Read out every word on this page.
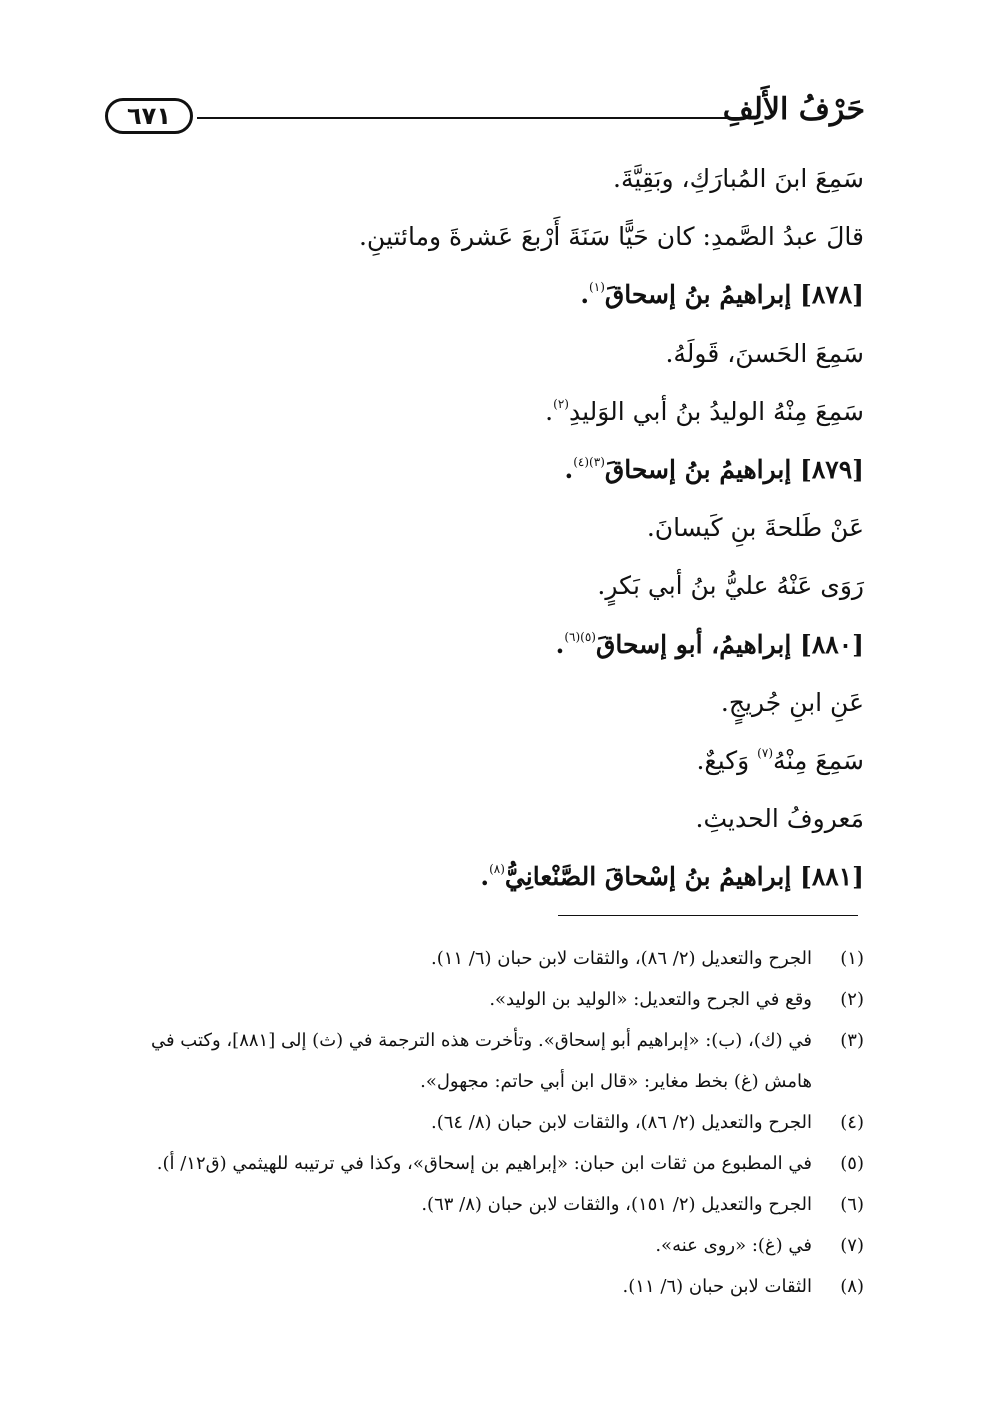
٦٧١	حَرْفُ الأَلِفِ
سَمِعَ ابنَ المُبارَكِ، وبَقِيَّةَ.
قالَ عبدُ الصَّمدِ: كان حَيًّا سَنَةَ أَرْبعَ عَشرةَ ومائتينِ.
[٨٧٨] إبراهيمُ بنُ إسحاقَ$^{(١)}$.
سَمِعَ الحَسنَ، قَولَهُ.
سَمِعَ مِنْهُ الوليدُ بنُ أبي الوَليدِ$^{(٢)}$.
[٨٧٩] إبراهيمُ بنُ إسحاقَ$^{(٣)(٤)}$.
عَنْ طَلحةَ بنِ كَيسانَ.
رَوَى عَنْهُ عليُّ بنُ أبي بَكرٍ.
[٨٨٠] إبراهيمُ، أبو إسحاقَ$^{(٥)(٦)}$.
عَنِ ابنِ جُريجٍ.
سَمِعَ مِنْهُ$^{(٧)}$ وَكيعٌ.
مَعروفُ الحديثِ.
[٨٨١] إبراهيمُ بنُ إسْحاقَ الصَّنْعانِيُّ$^{(٨)}$.
(١)
الجرح والتعديل (٢/ ٨٦)، والثقات لابن حبان (٦/ ١١).
(٢)
وقع في الجرح والتعديل: «الوليد بن الوليد».
(٣)
في (ك)، (ب): «إبراهيم أبو إسحاق». وتأخرت هذه الترجمة في (ث) إلى [٨٨١]، وكتب في هامش (غ) بخط مغاير: «قال ابن أبي حاتم: مجهول».
(٤)
الجرح والتعديل (٢/ ٨٦)، والثقات لابن حبان (٨/ ٦٤).
(٥)
في المطبوع من ثقات ابن حبان: «إبراهيم بن إسحاق»، وكذا في ترتيبه للهيثمي (ق١٢/ أ).
(٦)
الجرح والتعديل (٢/ ١٥١)، والثقات لابن حبان (٨/ ٦٣).
(٧)
في (غ): «روى عنه».
(٨)
الثقات لابن حبان (٦/ ١١).
